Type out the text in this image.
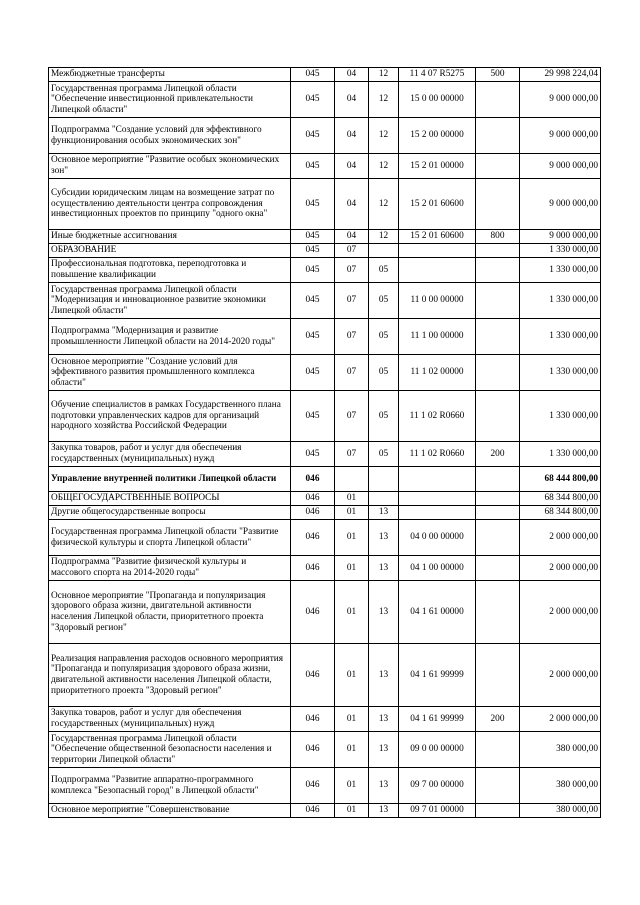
Межбюджетные трансферты	045	04	12	11 4 07 R5275	500	29 998 224,04
Государственная программа Липецкой области "Обеспечение инвестиционной привлекательности Липецкой области"	045	04	12	15 0 00 00000		9 000 000,00
Подпрограмма "Создание условий для эффективного функционирования особых экономических зон"	045	04	12	15 2 00 00000		9 000 000,00
Основное мероприятие "Развитие особых экономических зон"	045	04	12	15 2 01 00000		9 000 000,00
Субсидии юридическим лицам на возмещение затрат по осуществлению деятельности центра сопровождения инвестиционных проектов по принципу "одного окна"	045	04	12	15 2 01 60600		9 000 000,00
Иные бюджетные ассигнования	045	04	12	15 2 01 60600	800	9 000 000,00
ОБРАЗОВАНИЕ	045	07				1 330 000,00
Профессиональная подготовка, переподготовка и повышение квалификации	045	07	05			1 330 000,00
Государственная программа Липецкой области "Модернизация и инновационное развитие экономики Липецкой области"	045	07	05	11 0 00 00000		1 330 000,00
Подпрограмма "Модернизация и развитие промышленности Липецкой области на 2014-2020 годы"	045	07	05	11 1 00 00000		1 330 000,00
Основное мероприятие "Создание условий для эффективного развития промышленного комплекса области"	045	07	05	11 1 02 00000		1 330 000,00
Обучение специалистов в рамках Государственного плана подготовки управленческих кадров для организаций народного хозяйства Российской Федерации	045	07	05	11 1 02 R0660		1 330 000,00
Закупка товаров, работ и услуг для обеспечения государственных (муниципальных) нужд	045	07	05	11 1 02 R0660	200	1 330 000,00
Управление внутренней политики Липецкой области	046					68 444 800,00
ОБЩЕГОСУДАРСТВЕННЫЕ ВОПРОСЫ	046	01				68 344 800,00
Другие общегосударственные вопросы	046	01	13			68 344 800,00
Государственная программа Липецкой области "Развитие физической культуры и спорта Липецкой области"	046	01	13	04 0 00 00000		2 000 000,00
Подпрограмма "Развитие физической культуры и массового спорта на 2014-2020 годы"	046	01	13	04 1 00 00000		2 000 000,00
Основное мероприятие "Пропаганда и популяризация здорового образа жизни, двигательной активности населения Липецкой области, приоритетного проекта "Здоровый регион"	046	01	13	04 1 61 00000		2 000 000,00
Реализация направления расходов основного мероприятия "Пропаганда и популяризация здорового образа жизни, двигательной активности населения Липецкой области, приоритетного проекта "Здоровый регион"	046	01	13	04 1 61 99999		2 000 000,00
Закупка товаров, работ и услуг для обеспечения государственных (муниципальных) нужд	046	01	13	04 1 61 99999	200	2 000 000,00
Государственная программа Липецкой области "Обеспечение общественной безопасности населения и территории Липецкой области"	046	01	13	09 0 00 00000		380 000,00
Подпрограмма "Развитие аппаратно-программного комплекса "Безопасный город" в Липецкой области"	046	01	13	09 7 00 00000		380 000,00
Основное мероприятие "Совершенствование	046	01	13	09 7 01 00000		380 000,00
